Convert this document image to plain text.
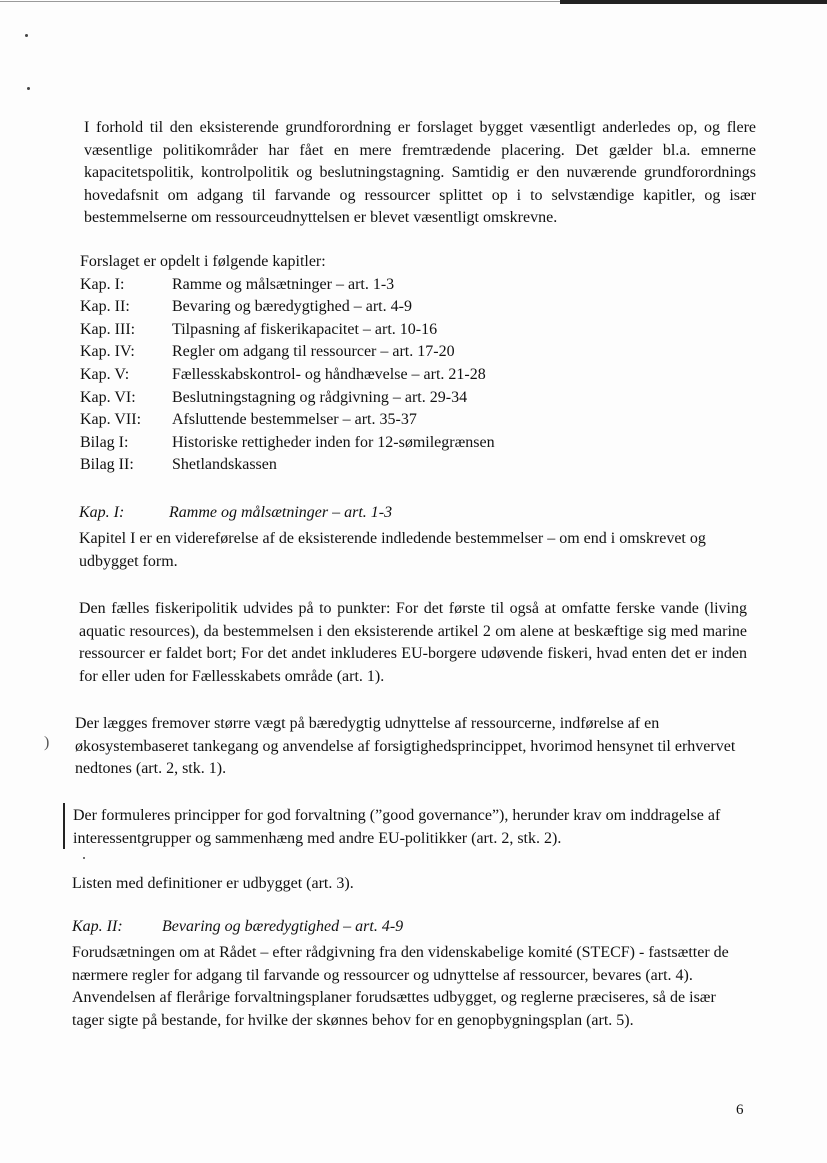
I forhold til den eksisterende grundforordning er forslaget bygget væsentligt anderledes op, og flere væsentlige politikområder har fået en mere fremtrædende placering. Det gælder bl.a. emnerne kapacitetspolitik, kontrolpolitik og beslutningstagning. Samtidig er den nuværende grundforordnings hovedafsnit om adgang til farvande og ressourcer splittet op i to selvstændige kapitler, og især bestemmelserne om ressourceudnyttelsen er blevet væsentligt omskrevne.

Forslaget er opdelt i følgende kapitler:
Kap. I:	Ramme og målsætninger – art. 1-3
Kap. II:	Bevaring og bæredygtighed – art. 4-9
Kap. III: Tilpasning af fiskerikapacitet – art. 10-16
Kap. IV: Regler om adgang til ressourcer – art. 17-20
Kap. V:	Fællesskabskontrol- og håndhævelse – art. 21-28
Kap. VI: Beslutningstagning og rådgivning – art. 29-34
Kap. VII: Afsluttende bestemmelser – art. 35-37
Bilag I:	Historiske rettigheder inden for 12-sømilegrænsen
Bilag II: Shetlandskassen
Kap. I:	Ramme og målsætninger – art. 1-3

Kapitel I er en videreførelse af de eksisterende indledende bestemmelser – om end i omskrevet og udbygget form.

Den fælles fiskeripolitik udvides på to punkter: For det første til også at omfatte ferske vande (living aquatic resources), da bestemmelsen i den eksisterende artikel 2 om alene at beskæftige sig med marine ressourcer er faldet bort; For det andet inkluderes EU-borgere udøvende fiskeri, hvad enten det er inden for eller uden for Fællesskabets område (art. 1).

Der lægges fremover større vægt på bæredygtig udnyttelse af ressourcerne, indførelse af en økosystembaseret tankegang og anvendelse af forsigtighedsprincippet, hvorimod hensynet til erhvervet nedtones (art. 2, stk. 1).

)

Der formuleres principper for god forvaltning (”good governance”), herunder krav om inddragelse af interessentgrupper og sammenhæng med andre EU-politikker (art. 2, stk. 2).

Listen med definitioner er udbygget (art. 3).

Kap. II: Bevaring og bæredygtighed – art. 4-9

Forudsætningen om at Rådet – efter rådgivning fra den videnskabelige komité (STECF) - fastsætter de nærmere regler for adgang til farvande og ressourcer og udnyttelse af ressourcer, bevares (art. 4). Anvendelsen af flerårige forvaltningsplaner forudsættes udbygget, og reglerne præciseres, så de især tager sigte på bestande, for hvilke der skønnes behov for en genopbygningsplan (art. 5).

6
